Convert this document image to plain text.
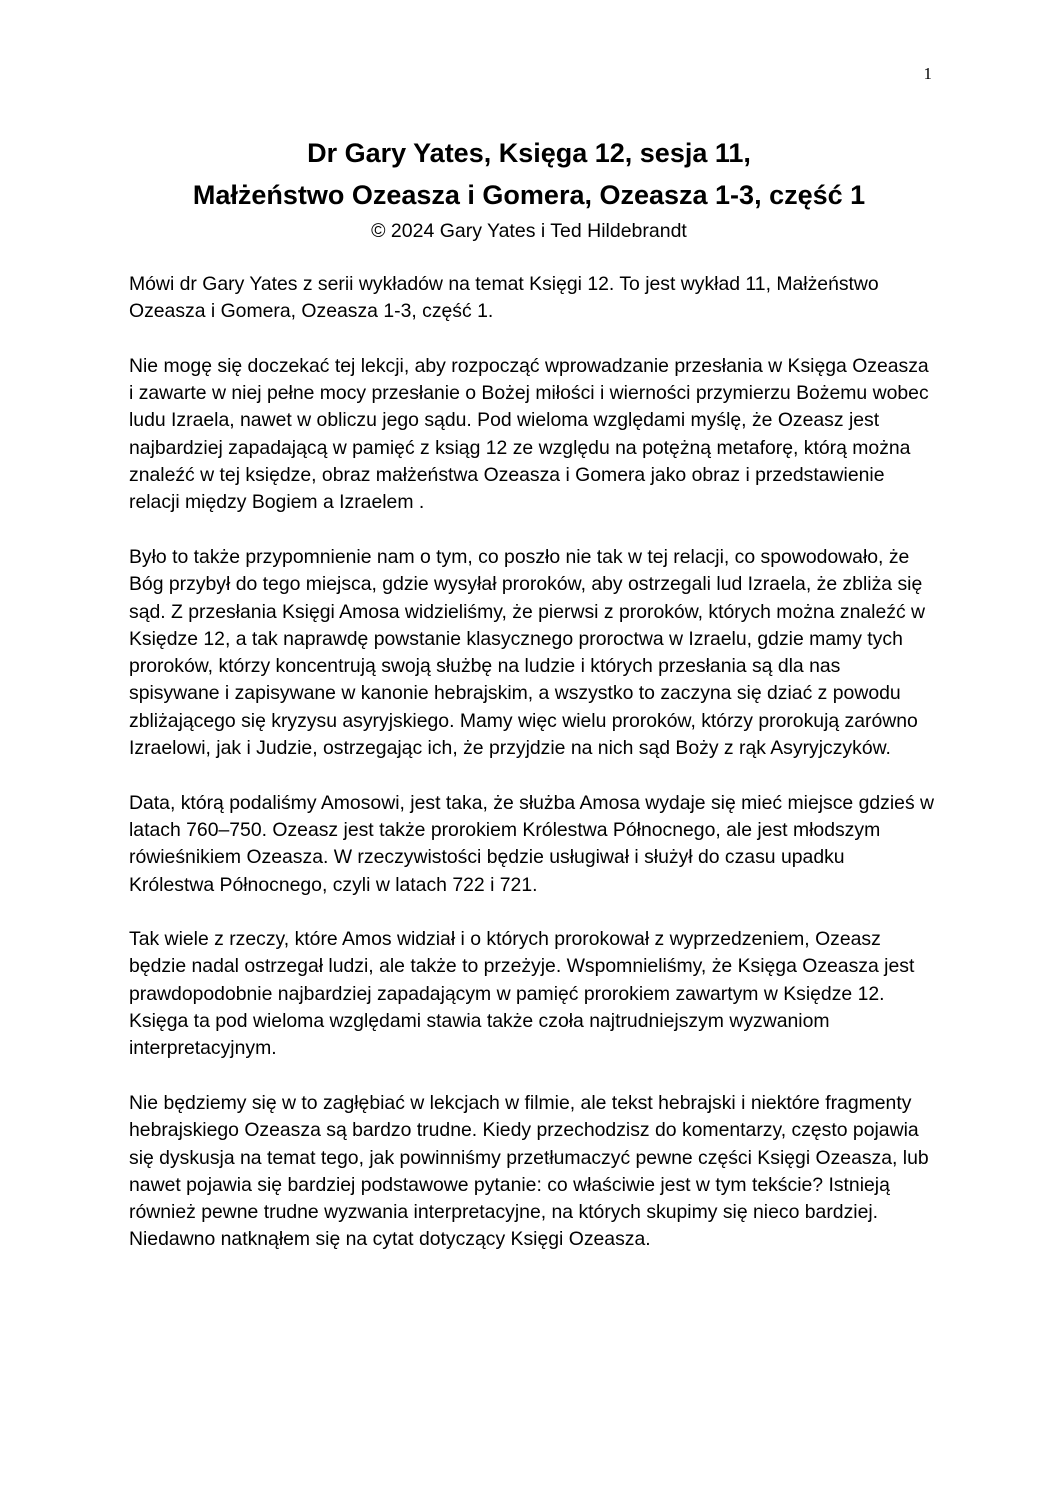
1
Dr Gary Yates, Księga 12, sesja 11,
Małżeństwo Ozeasza i Gomera, Ozeasza 1-3, część 1
© 2024 Gary Yates i Ted Hildebrandt

Mówi dr Gary Yates z serii wykładów na temat Księgi 12. To jest wykład 11, Małżeństwo Ozeasza i Gomera, Ozeasza 1-3, część 1.

Nie mogę się doczekać tej lekcji, aby rozpocząć wprowadzanie przesłania w Księga Ozeasza i zawarte w niej pełne mocy przesłanie o Bożej miłości i wierności przymierzu Bożemu wobec ludu Izraela, nawet w obliczu jego sądu. Pod wieloma względami myślę, że Ozeasz jest najbardziej zapadającą w pamięć z ksiąg 12 ze względu na potężną metaforę, którą można znaleźć w tej księdze, obraz małżeństwa Ozeasza i Gomera jako obraz i przedstawienie relacji między Bogiem a Izraelem .

Było to także przypomnienie nam o tym, co poszło nie tak w tej relacji, co spowodowało, że Bóg przybył do tego miejsca, gdzie wysyłał proroków, aby ostrzegali lud Izraela, że zbliża się sąd. Z przesłania Księgi Amosa widzieliśmy, że pierwsi z proroków, których można znaleźć w Księdze 12, a tak naprawdę powstanie klasycznego proroctwa w Izraelu, gdzie mamy tych proroków, którzy koncentrują swoją służbę na ludzie i których przesłania są dla nas spisywane i zapisywane w kanonie hebrajskim, a wszystko to zaczyna się dziać z powodu zbliżającego się kryzysu asyryjskiego. Mamy więc wielu proroków, którzy prorokują zarówno Izraelowi, jak i Judzie, ostrzegając ich, że przyjdzie na nich sąd Boży z rąk Asyryjczyków.

Data, którą podaliśmy Amosowi, jest taka, że służba Amosa wydaje się mieć miejsce gdzieś w latach 760–750. Ozeasz jest także prorokiem Królestwa Północnego, ale jest młodszym rówieśnikiem Ozeasza. W rzeczywistości będzie usługiwał i służył do czasu upadku Królestwa Północnego, czyli w latach 722 i 721.

Tak wiele z rzeczy, które Amos widział i o których prorokował z wyprzedzeniem, Ozeasz będzie nadal ostrzegał ludzi, ale także to przeżyje. Wspomnieliśmy, że Księga Ozeasza jest prawdopodobnie najbardziej zapadającym w pamięć prorokiem zawartym w Księdze 12. Księga ta pod wieloma względami stawia także czoła najtrudniejszym wyzwaniom interpretacyjnym.

Nie będziemy się w to zagłębiać w lekcjach w filmie, ale tekst hebrajski i niektóre fragmenty hebrajskiego Ozeasza są bardzo trudne. Kiedy przechodzisz do komentarzy, często pojawia się dyskusja na temat tego, jak powinniśmy przetłumaczyć pewne części Księgi Ozeasza, lub nawet pojawia się bardziej podstawowe pytanie: co właściwie jest w tym tekście? Istnieją również pewne trudne wyzwania interpretacyjne, na których skupimy się nieco bardziej. Niedawno natknąłem się na cytat dotyczący Księgi Ozeasza.
